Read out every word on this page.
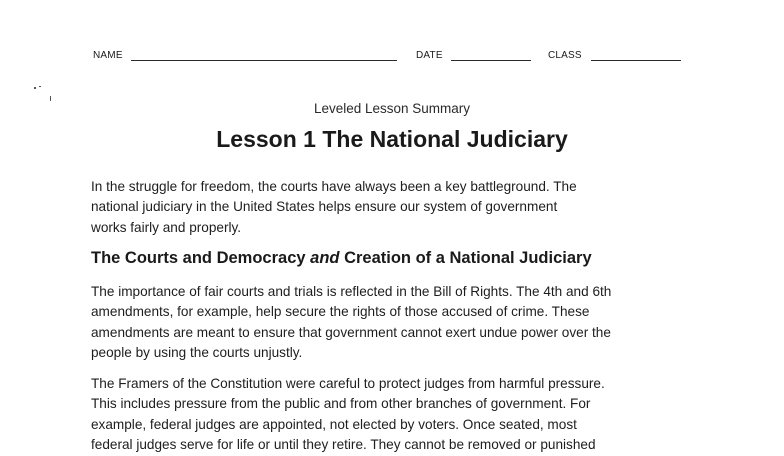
NAME	DATE	CLASS
Leveled Lesson Summary
Lesson 1 The National Judiciary
In the struggle for freedom, the courts have always been a key battleground. The
national judiciary in the United States helps ensure our system of government
works fairly and properly.
The Courts and Democracy and Creation of a National Judiciary
The importance of fair courts and trials is reflected in the Bill of Rights. The 4th and 6th
amendments, for example, help secure the rights of those accused of crime. These
amendments are meant to ensure that government cannot exert undue power over the
people by using the courts unjustly.
The Framers of the Constitution were careful to protect judges from harmful pressure.
This includes pressure from the public and from other branches of government. For
example, federal judges are appointed, not elected by voters. Once seated, most
federal judges serve for life or until they retire. They cannot be removed or punished
